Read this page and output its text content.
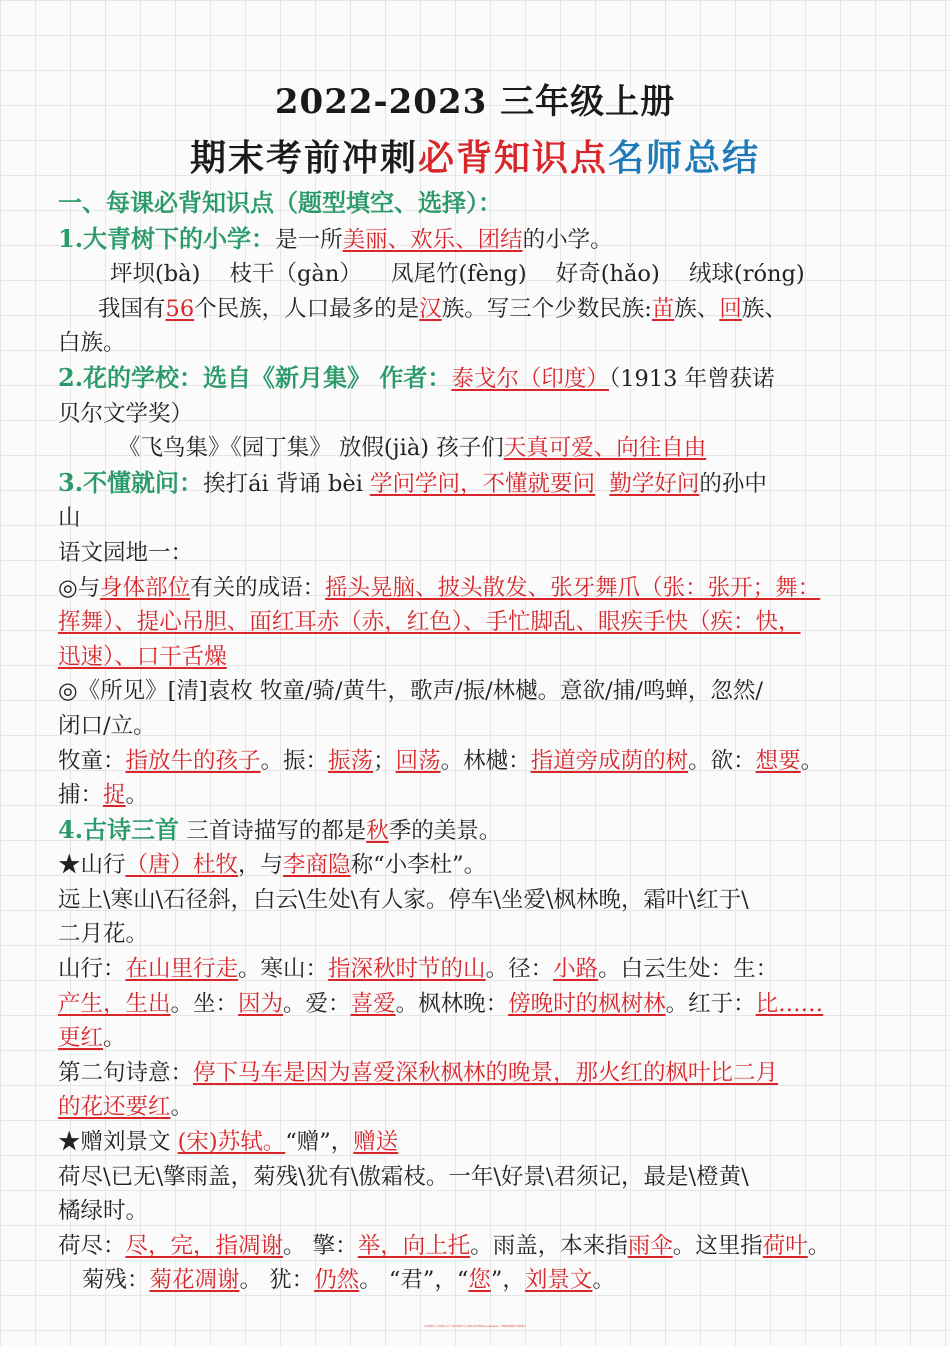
2022-2023 三年级上册
期末考前冲刺必背知识点名师总结
一、每课必背知识点（题型填空、选择）：
1.大青树下的小学：是一所美丽、欢乐、团结的小学。
坪坝(bà) 枝干（gàn） 凤尾竹(fèng) 好奇(hǎo) 绒球(róng)
我国有56个民族，人口最多的是汉族。写三个少数民族:苗族、回族、
白族。
2.花的学校：选自《新月集》 作者：泰戈尔（印度）（1913 年曾获诺
贝尔文学奖）
《飞鸟集》《园丁集》 放假(jià) 孩子们天真可爱、向往自由
3.不懂就问：挨打ái 背诵 bèi 学问学问，不懂就要问 勤学好问的孙中
山
语文园地一：
◎与身体部位有关的成语：摇头晃脑、披头散发、张牙舞爪（张：张开；舞：
挥舞）、提心吊胆、面红耳赤（赤，红色）、手忙脚乱、眼疾手快（疾：快，
迅速）、口干舌燥
◎《所见》[清]袁枚 牧童/骑/黄牛，歌声/振/林樾。意欲/捕/鸣蝉，忽然/
闭口/立。
牧童：指放牛的孩子。振：振荡；回荡。林樾：指道旁成荫的树。欲：想要。
捕：捉。
4.古诗三首 三首诗描写的都是秋季的美景。
★山行（唐）杜牧，与李商隐称“小李杜”。
远上\寒山\石径斜，白云\生处\有人家。停车\坐爱\枫林晚，霜叶\红于\
二月花。
山行：在山里行走。寒山：指深秋时节的山。径：小路。白云生处：生：
产生，生出。坐：因为。爱：喜爱。枫林晚：傍晚时的枫树林。红于：比……
更红。
第二句诗意：停下马车是因为喜爱深秋枫林的晚景，那火红的枫叶比二月
的花还要红。
★赠刘景文 (宋)苏轼。“赠”，赠送
荷尽\已无\擎雨盖，菊残\犹有\傲霜枝。一年\好景\君须记，最是\橙黄\
橘绿时。
荷尽：尽，完，指凋谢。 擎：举，向上托。雨盖，本来指雨伞。这里指荷叶。
菊残：菊花凋谢。 犹：仍然。 “君”，“您”，刘景文。
10秒钟操作! 关注微信公众号“学海无涯甜作舟”或者添加樊老师微信shen88168007，免费提供完整可打印版资料!
